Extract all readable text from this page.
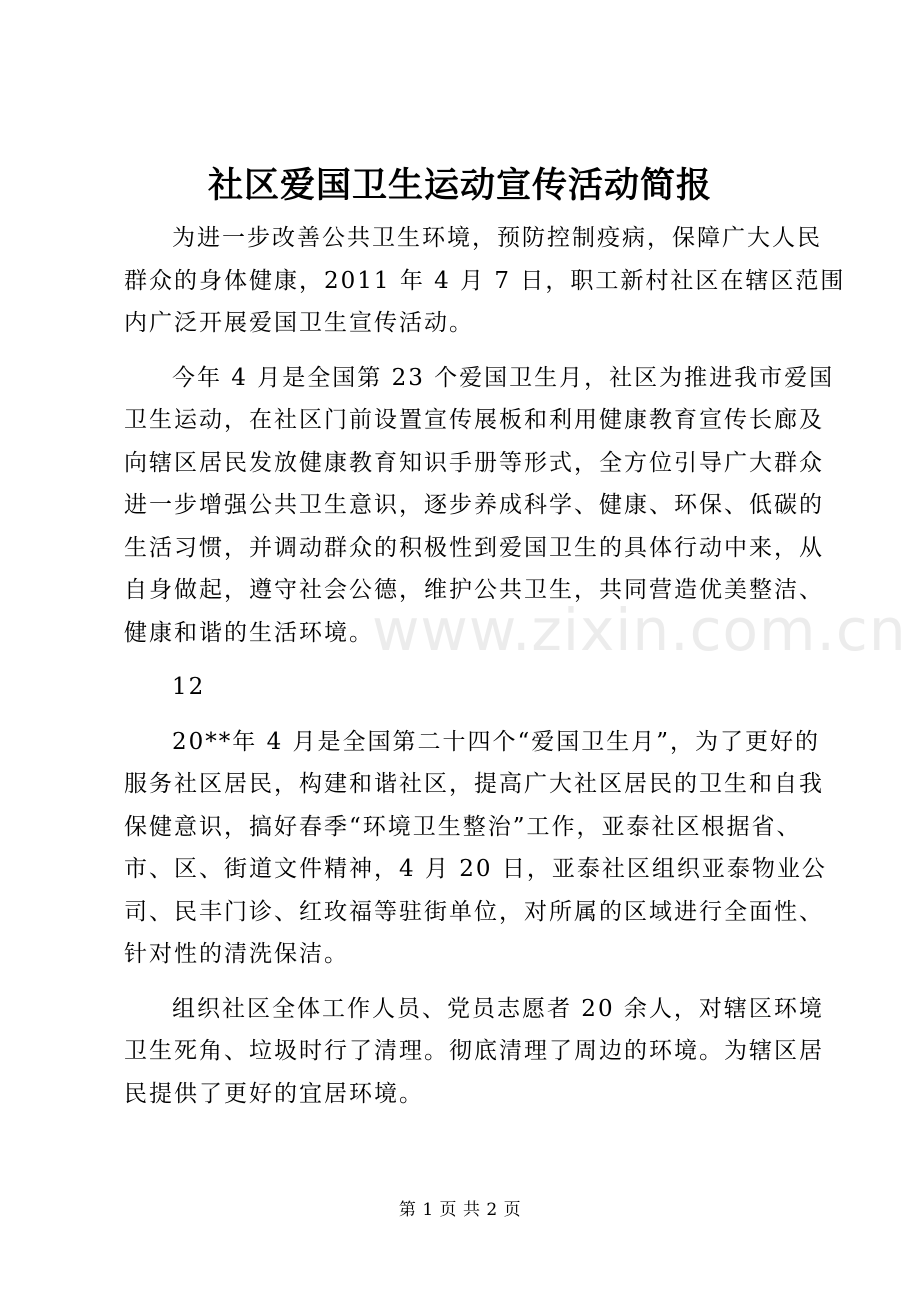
社区爱国卫生运动宣传活动简报
为进一步改善公共卫生环境，预防控制疫病，保障广大人民
群众的身体健康，2011 年 4 月 7 日，职工新村社区在辖区范围
内广泛开展爱国卫生宣传活动。
今年 4 月是全国第 23 个爱国卫生月，社区为推进我市爱国
卫生运动，在社区门前设置宣传展板和利用健康教育宣传长廊及
向辖区居民发放健康教育知识手册等形式，全方位引导广大群众
进一步增强公共卫生意识，逐步养成科学、健康、环保、低碳的
生活习惯，并调动群众的积极性到爱国卫生的具体行动中来，从
自身做起，遵守社会公德，维护公共卫生，共同营造优美整洁、
健康和谐的生活环境。
12
20**年 4 月是全国第二十四个“爱国卫生月”，为了更好的
服务社区居民，构建和谐社区，提高广大社区居民的卫生和自我
保健意识，搞好春季“环境卫生整治”工作，亚泰社区根据省、
市、区、街道文件精神，4 月 20 日，亚泰社区组织亚泰物业公
司、民丰门诊、红玫福等驻街单位，对所属的区域进行全面性、
针对性的清洗保洁。
组织社区全体工作人员、党员志愿者 20 余人，对辖区环境
卫生死角、垃圾时行了清理。彻底清理了周边的环境。为辖区居
民提供了更好的宜居环境。
www.zixin.com.cn
第 1 页 共 2 页
